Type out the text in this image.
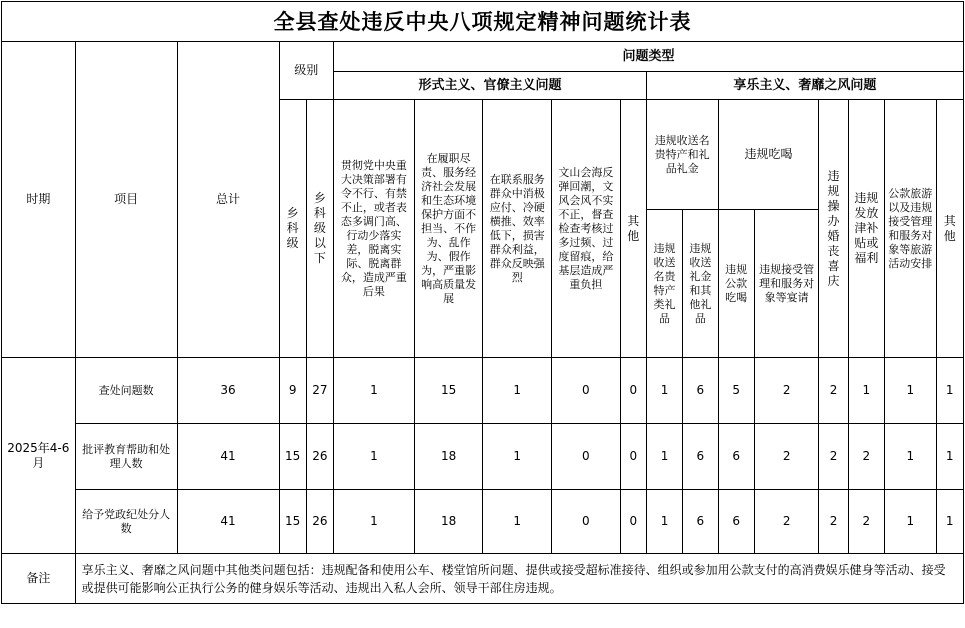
全县查处违反中央八项规定精神问题统计表
时期	项目	总计	级别		问题类型												
					形式主义、官僚主义问题					享乐主义、奢靡之风问题							

			乡科级	乡科级以下	贯彻党中央重大决策部署有令不行、有禁不止，或者表态多调门高、行动少落实差，脱离实际、脱离群众，造成严重后果	在履职尽责、服务经济社会发展和生态环境保护方面不担当、不作为、乱作为、假作为，严重影响高质量发展	在联系服务群众中消极应付、冷硬横推、效率低下，损害群众利益，群众反映强烈	文山会海反弹回潮，文风会风不实不正，督查检查考核过多过频、过度留痕，给基层造成严重负担	其他	违规收送名贵特产和礼品礼金		违规吃喝		违规操办婚丧喜庆	违规发放津补贴或福利	公款旅游以及违规接受管理和服务对象等旅游活动安排	其他

										违规收送名贵特产类礼品	违规收送礼金和其他礼品	违规公款吃喝	违规接受管理和服务对象等宴请				

2025年4-6月	查处问题数	36	9	27	1	15	1	0	0	1	6	5	2	2	1	1	1

	批评教育帮助和处理人数	41	15	26	1	18	1	0	0	1	6	6	2	2	2	1	1

	给予党政纪处分人数	41	15	26	1	18	1	0	0	1	6	6	2	2	2	1	1
备注	享乐主义、奢靡之风问题中其他类问题包括：违规配备和使用公车、楼堂馆所问题、提供或接受超标准接待、组织或参加用公款支付的高消费娱乐健身等活动、接受或提供可能影响公正执行公务的健身娱乐等活动、违规出入私人会所、领导干部住房违规。																
